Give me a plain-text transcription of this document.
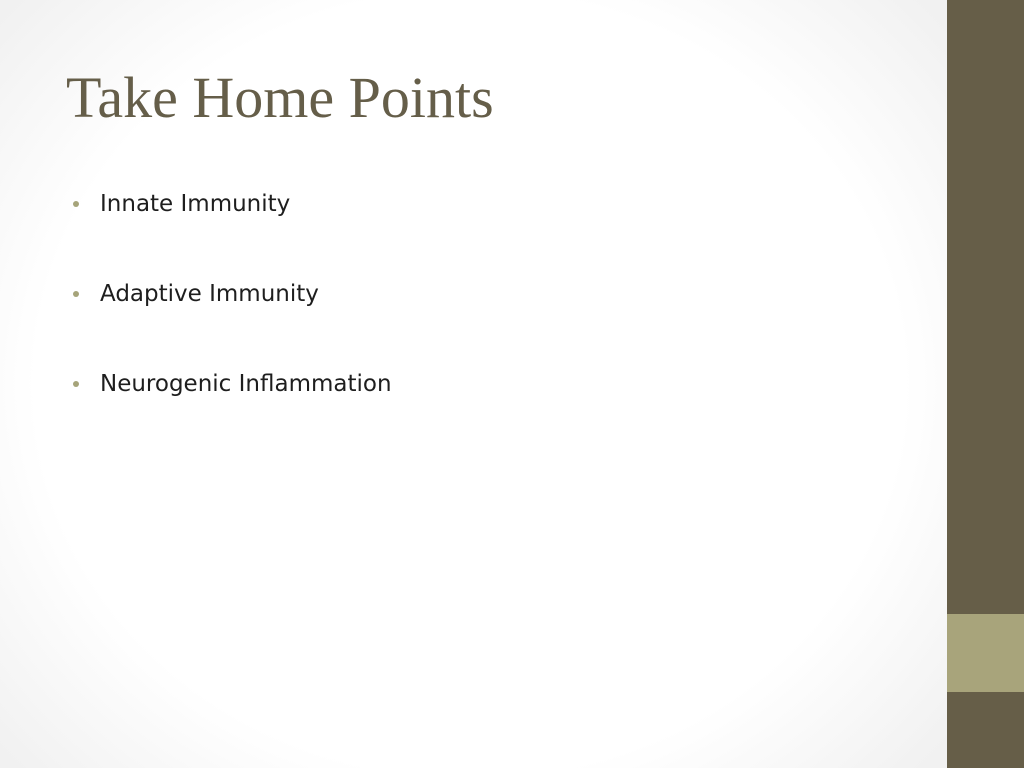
Take Home Points
Innate Immunity
Adaptive Immunity
Neurogenic Inflammation
